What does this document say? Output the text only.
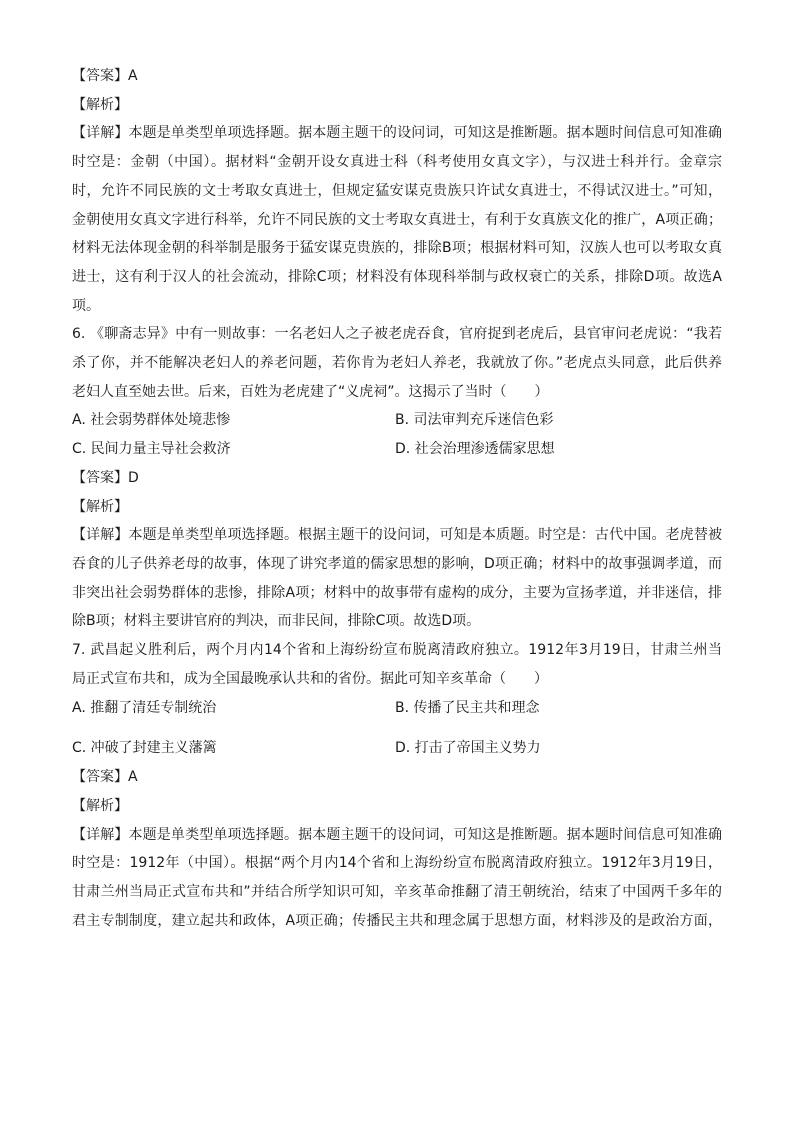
【答案】A
【解析】
【详解】本题是单类型单项选择题。据本题主题干的设问词，可知这是推断题。据本题时间信息可知准确
时空是：金朝（中国）。据材料“金朝开设女真进士科（科考使用女真文字），与汉进士科并行。金章宗
时，允许不同民族的文士考取女真进士，但规定猛安谋克贵族只许试女真进士，不得试汉进士。”可知，
金朝使用女真文字进行科举，允许不同民族的文士考取女真进士，有利于女真族文化的推广，A项正确；
材料无法体现金朝的科举制是服务于猛安谋克贵族的，排除B项；根据材料可知，汉族人也可以考取女真
进士，这有利于汉人的社会流动，排除C项；材料没有体现科举制与政权衰亡的关系，排除D项。故选A
项。
6. 《聊斋志异》中有一则故事：一名老妇人之子被老虎吞食，官府捉到老虎后，县官审问老虎说：“我若
杀了你，并不能解决老妇人的养老问题，若你肯为老妇人养老，我就放了你。”老虎点头同意，此后供养
老妇人直至她去世。后来，百姓为老虎建了“义虎祠”。这揭示了当时（　　）
A. 社会弱势群体处境悲惨	B. 司法审判充斥迷信色彩
C. 民间力量主导社会救济	D. 社会治理渗透儒家思想
【答案】D
【解析】
【详解】本题是单类型单项选择题。根据主题干的设问词，可知是本质题。时空是：古代中国。老虎替被
吞食的儿子供养老母的故事，体现了讲究孝道的儒家思想的影响，D项正确；材料中的故事强调孝道，而
非突出社会弱势群体的悲惨，排除A项；材料中的故事带有虚构的成分，主要为宣扬孝道，并非迷信，排
除B项；材料主要讲官府的判决，而非民间，排除C项。故选D项。
7. 武昌起义胜利后，两个月内14个省和上海纷纷宣布脱离清政府独立。1912年3月19日，甘肃兰州当
局正式宣布共和，成为全国最晚承认共和的省份。据此可知辛亥革命（　　）
A. 推翻了清廷专制统治	B. 传播了民主共和理念
C. 冲破了封建主义藩篱	D. 打击了帝国主义势力
【答案】A
【解析】
【详解】本题是单类型单项选择题。据本题主题干的设问词，可知这是推断题。据本题时间信息可知准确
时空是：1912年（中国）。根据“两个月内14个省和上海纷纷宣布脱离清政府独立。1912年3月19日，
甘肃兰州当局正式宣布共和”并结合所学知识可知，辛亥革命推翻了清王朝统治，结束了中国两千多年的
君主专制制度，建立起共和政体，A项正确；传播民主共和理念属于思想方面，材料涉及的是政治方面，
